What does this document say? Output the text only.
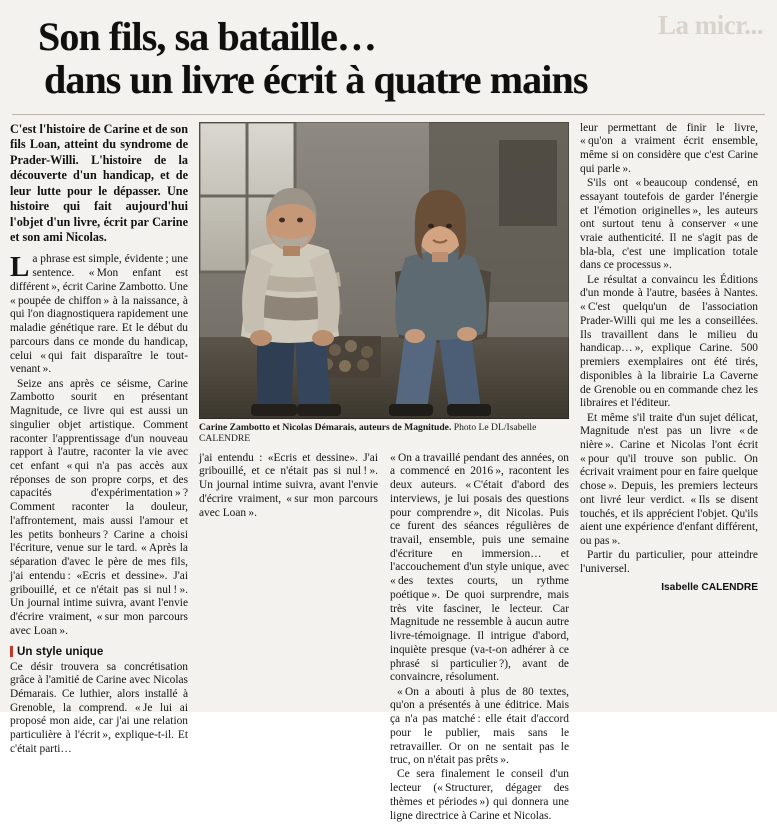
La micr...
Son fils, sa bataille…
dans un livre écrit à quatre mains
C'est l'histoire de Carine et de son fils Loan, atteint du syndrome de Prader-Willi. L'histoire de la découverte d'un handicap, et de leur lutte pour le dépasser. Une histoire qui fait aujourd'hui l'objet d'un livre, écrit par Carine et son ami Nicolas.

La phrase est simple, évidente ; une sentence. « Mon enfant est différent », écrit Carine Zambotto. Une « poupée de chiffon » à la naissance, à qui l'on diagnostiquera rapidement une maladie génétique rare. Et le début du parcours dans ce monde du handicap, celui « qui fait disparaître le tout-venant ».

Seize ans après ce séisme, Carine Zambotto sourit en présentant Magnitude, ce livre qui est aussi un singulier objet artistique. Comment raconter l'apprentissage d'un nouveau rapport à l'autre, raconter la vie avec cet enfant « qui n'a pas accès aux réponses de son propre corps, et des capacités d'expérimentation » ? Comment raconter la douleur, l'affrontement, mais aussi l'amour et les petits bonheurs ? Carine a choisi l'écriture, venue sur le tard. « Après la séparation d'avec le père de mes fils, j'ai entendu : «Ecris et dessine». J'ai gribouillé, et ce n'était pas si nul ! ». Un journal intime suivra, avant l'envie d'écrire vraiment, « sur mon parcours avec Loan ».

Un style unique

Ce désir trouvera sa concrétisation grâce à l'amitié de Carine avec Nicolas Démarais. Ce luthier, alors installé à Grenoble, la comprend. « Je lui ai proposé mon aide, car j'ai une relation particulière à l'écrit », explique-t-il. Et c'était parti…

Carine Zambotto et Nicolas Démarais, auteurs de Magnitude. Photo Le DL/Isabelle CALENDRE

j'ai entendu : «Ecris et dessine». J'ai gribouillé, et ce n'était pas si nul ! ». Un journal intime suivra, avant l'envie d'écrire vraiment, « sur mon parcours avec Loan ».

« On a travaillé pendant des années, on a commencé en 2016 », racontent les deux auteurs. « C'était d'abord des interviews, je lui posais des questions pour comprendre », dit Nicolas. Puis ce furent des séances régulières de travail, ensemble, puis une semaine d'écriture en immersion… et l'accouchement d'un style unique, avec « des textes courts, un rythme poétique ». De quoi surprendre, mais très vite fasciner, le lecteur. Car Magnitude ne ressemble à aucun autre livre-témoignage. Il intrigue d'abord, inquiète presque (va-t-on adhérer à ce phrasé si particulier ?), avant de convaincre, résolument.

« On a abouti à plus de 80 textes, qu'on a présentés à une éditrice. Mais ça n'a pas matché : elle était d'accord pour le publier, mais sans le retravailler. Or on ne sentait pas le truc, on n'était pas prêts ».

Ce sera finalement le conseil d'un lecteur (« Structurer, dégager des thèmes et périodes ») qui donnera une ligne directrice à Carine et Nicolas.

leur permettant de finir le livre, « qu'on a vraiment écrit ensemble, même si on considère que c'est Carine qui parle ».

S'ils ont « beaucoup condensé, en essayant toutefois de garder l'énergie et l'émotion originelles », les auteurs ont surtout tenu à conserver « une vraie authenticité. Il ne s'agit pas de bla-bla, c'est une implication totale dans ce processus ».

Le résultat a convaincu les Éditions d'un monde à l'autre, basées à Nantes. « C'est quelqu'un de l'association Prader-Willi qui me les a conseillées. Ils travaillent dans le milieu du handicap… », explique Carine. 500 premiers exemplaires ont été tirés, disponibles à la librairie La Caverne de Grenoble ou en commande chez les libraires et l'éditeur.

Et même s'il traite d'un sujet délicat, Magnitude n'est pas un livre « de nière ». Carine et Nicolas l'ont écrit « pour qu'il trouve son public. On écrivait vraiment pour en faire quelque chose ». Depuis, les premiers lecteurs ont livré leur verdict. « Ils se disent touchés, et ils apprécient l'objet. Qu'ils aient une expérience d'enfant différent, ou pas ».

Partir du particulier, pour atteindre l'universel.

Isabelle CALENDRE
